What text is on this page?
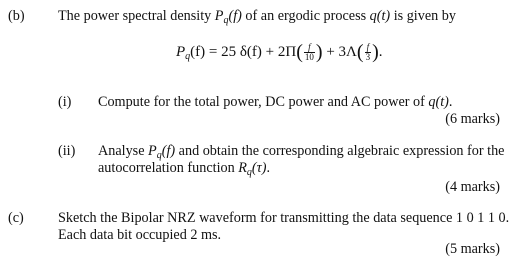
(b) The power spectral density $P_q(f)$ of an ergodic process q(t) is given by
$P_q(f) = 25$ $\delta(f) + 2\Pi( \frac{f}{10}$ ) + $3\Lambda( \frac{f}{3}$ ).
(i) Compute for the total power, DC power and AC power of q(t).
(6 marks)
(ii) Analyse $P_q(f)$ and obtain the corresponding algebraic expression for the
autocorrelation function $R_q(\tau)$.
(4 marks)
(c) Sketch the Bipolar NRZ waveform for transmitting the data sequence 1 0 1 1 0.
Each data bit occupied 2 ms.
(5 marks)
